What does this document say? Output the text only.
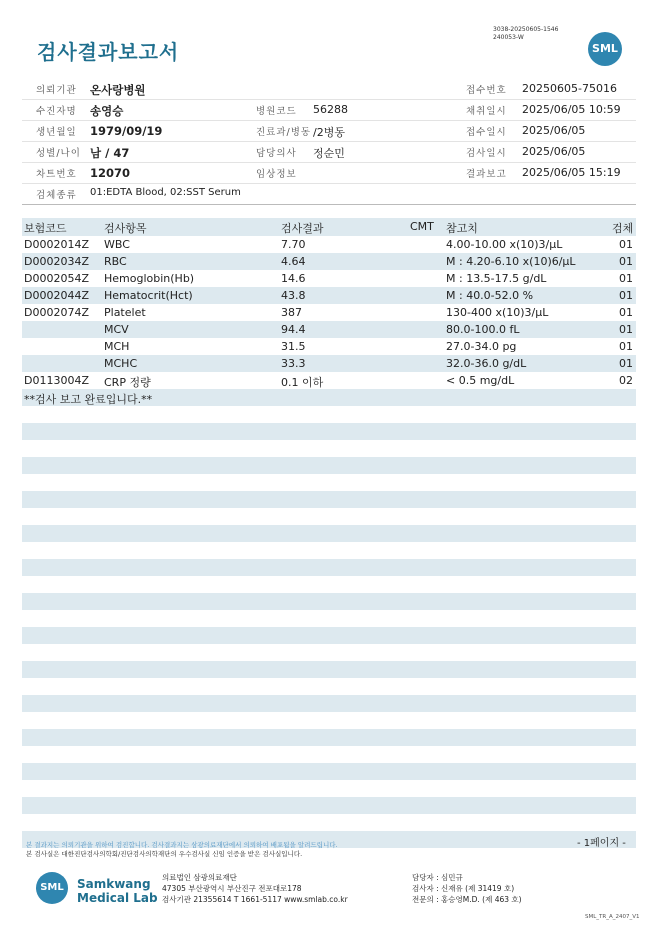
검사결과보고서
3038-20250605-1546
240053-W
SML
의뢰기관 온사랑병원	접수번호 20250605-75016
수진자명 송영승	병원코드 56288	채취일시 2025/06/05 10:59
생년월일 1979/09/19	진료과/병동 /2병동	접수일시 2025/06/05
성별/나이 남 / 47	담당의사 정순민	검사일시 2025/06/05
차트번호 12070	임상정보	결과보고 2025/06/05 15:19
검체종류 01:EDTA Blood, 02:SST Serum
보험코드	검사항목	검사결과	CMT 참고치	검체
D0002014Z WBC	7.70	4.00-10.00 x(10)3/μL	01
D0002034Z RBC	4.64	M : 4.20-6.10 x(10)6/μL	01
D0002054Z Hemoglobin(Hb)	14.6	M : 13.5-17.5 g/dL	01
D0002044Z Hematocrit(Hct)	43.8	M : 40.0-52.0 %	01
D0002074Z Platelet	387	130-400 x(10)3/μL	01
MCV	94.4	80.0-100.0 fL	01
MCH	31.5	27.0-34.0 pg	01
MCHC	33.3	32.0-36.0 g/dL	01
D0113004Z CRP 정량	0.1 이하	< 0.5 mg/dL	02
**검사 보고 완료입니다.**
- 1페이지 -
본 결과지는 의뢰기관을 위하여 검진합니다. 검사결과지는 삼광의료재단에서 의뢰하여 배포됨을 알려드립니다.
본 검사실은 대한진단검사의학회/진단검사의학재단의 우수검사실 신임 인증을 받은 검사실입니다.
SML	Samkwang
Medical Lab
의료법인 삼광의료재단
47305 부산광역시 부산진구 전포대로178
검사기관 21355614 T 1661-5117 www.smlab.co.kr
담당자 : 심민규
검사자 : 신재유 (제 31419 호)
전문의 : 홍승영M.D. (제 463 호)
SML_TR_A_2407_V1
